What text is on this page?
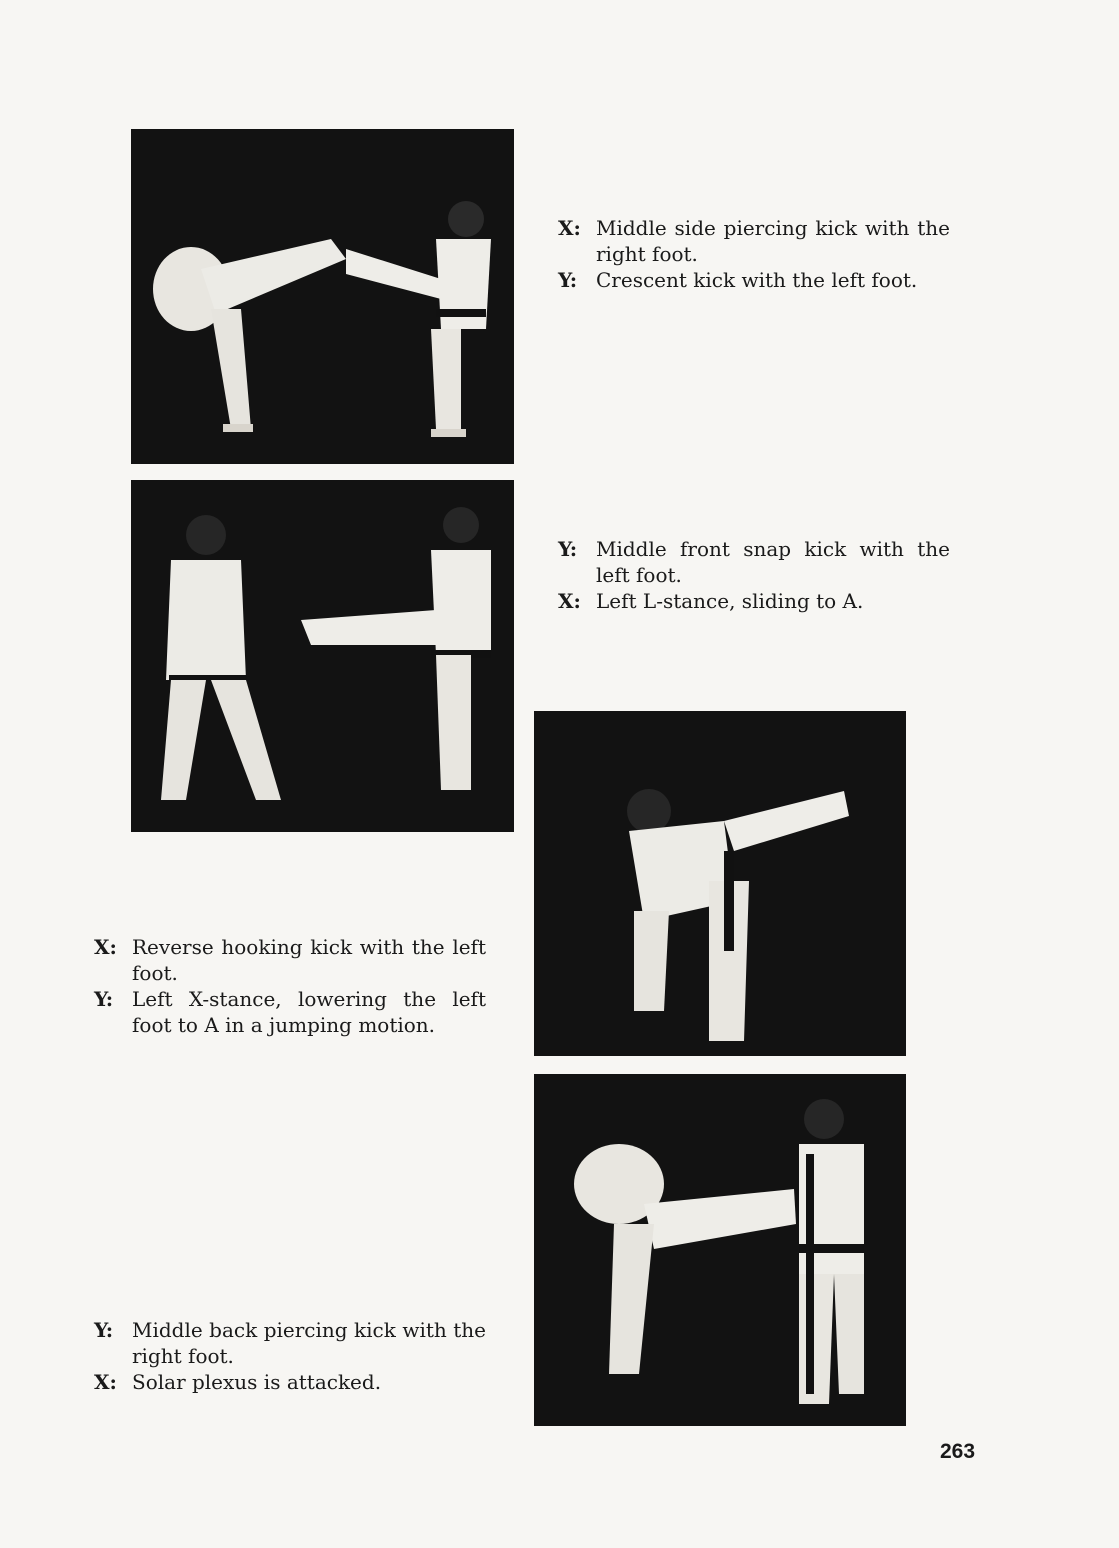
X: Middle side piercing kick with the right foot.
Y: Crescent kick with the left foot.
Y: Middle front snap kick with the left foot.
X: Left L-stance, sliding to A.
X: Reverse hooking kick with the left foot.
Y: Left X-stance, lowering the left foot to A in a jumping motion.
Y: Middle back piercing kick with the right foot.
X: Solar plexus is attacked.
263
